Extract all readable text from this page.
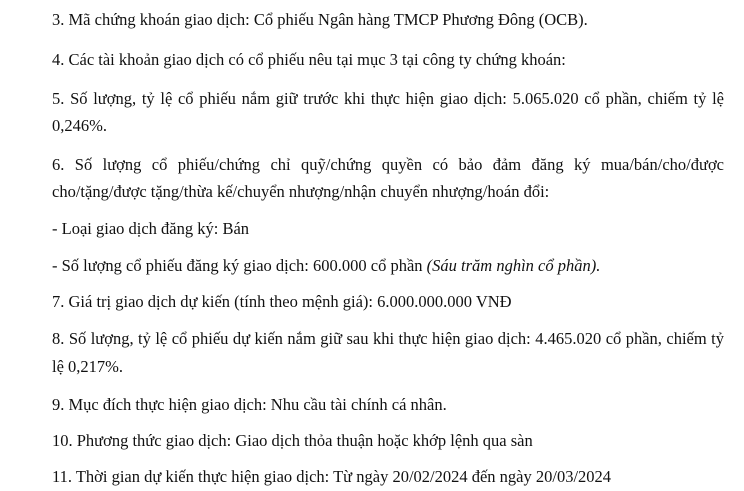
3. Mã chứng khoán giao dịch: Cổ phiếu Ngân hàng TMCP Phương Đông (OCB).
4. Các tài khoản giao dịch có cổ phiếu nêu tại mục 3 tại công ty chứng khoán:
5. Số lượng, tỷ lệ cổ phiếu nắm giữ trước khi thực hiện giao dịch: 5.065.020 cổ phần, chiếm tỷ lệ
0,246%.
6. Số lượng cổ phiếu/chứng chỉ quỹ/chứng quyền có bảo đảm đăng ký mua/bán/cho/được
cho/tặng/được tặng/thừa kế/chuyển nhượng/nhận chuyển nhượng/hoán đổi:
- Loại giao dịch đăng ký: Bán
- Số lượng cổ phiếu đăng ký giao dịch: 600.000 cổ phần (Sáu trăm nghìn cổ phần).
7. Giá trị giao dịch dự kiến (tính theo mệnh giá): 6.000.000.000 VNĐ
8. Số lượng, tỷ lệ cổ phiếu dự kiến nắm giữ sau khi thực hiện giao dịch: 4.465.020 cổ phần, chiếm tỷ
lệ 0,217%.
9. Mục đích thực hiện giao dịch: Nhu cầu tài chính cá nhân.
10. Phương thức giao dịch: Giao dịch thỏa thuận hoặc khớp lệnh qua sàn
11. Thời gian dự kiến thực hiện giao dịch: Từ ngày 20/02/2024 đến ngày 20/03/2024
